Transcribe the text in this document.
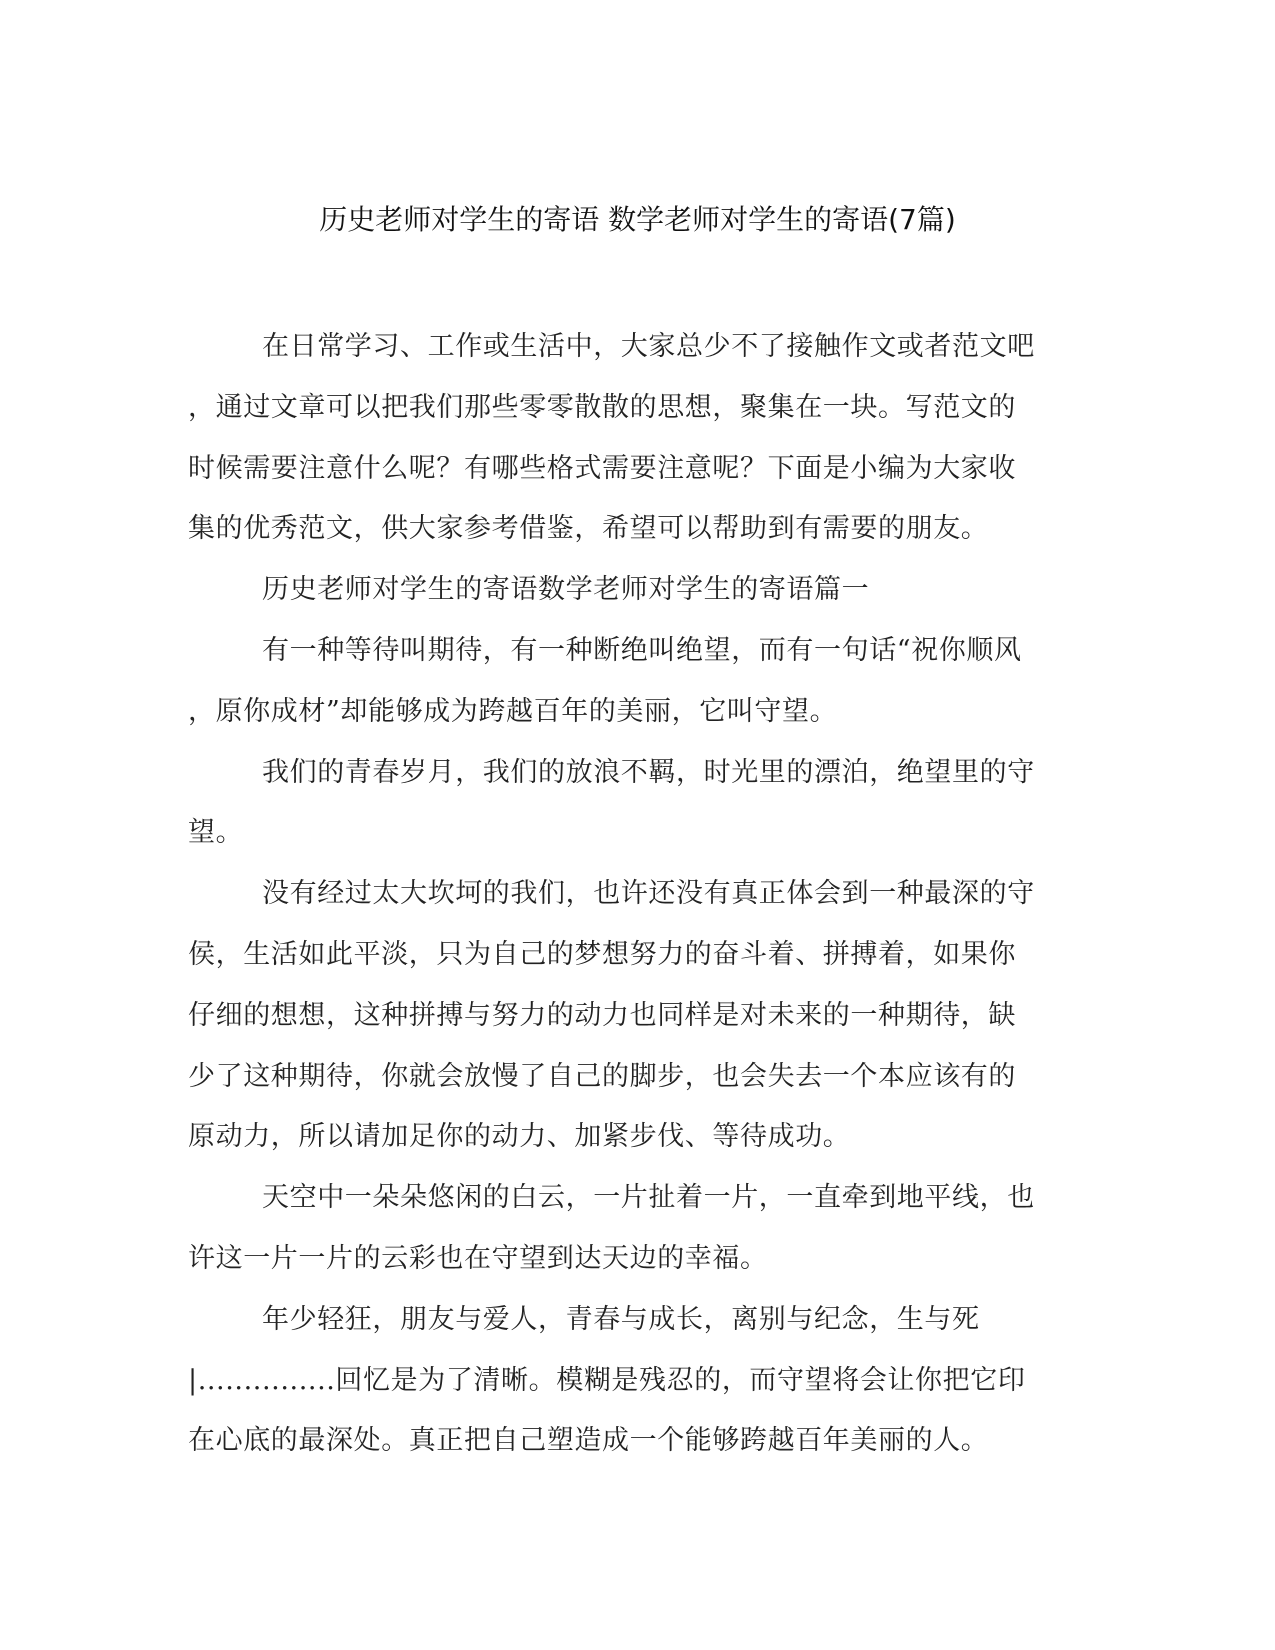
历史老师对学生的寄语 数学老师对学生的寄语(7篇)
在日常学习、工作或生活中，大家总少不了接触作文或者范文吧
，通过文章可以把我们那些零零散散的思想，聚集在一块。写范文的
时候需要注意什么呢？有哪些格式需要注意呢？下面是小编为大家收
集的优秀范文，供大家参考借鉴，希望可以帮助到有需要的朋友。
历史老师对学生的寄语数学老师对学生的寄语篇一
有一种等待叫期待，有一种断绝叫绝望，而有一句话“祝你顺风
，原你成材”却能够成为跨越百年的美丽，它叫守望。
我们的青春岁月，我们的放浪不羁，时光里的漂泊，绝望里的守
望。
没有经过太大坎坷的我们，也许还没有真正体会到一种最深的守
侯，生活如此平淡，只为自己的梦想努力的奋斗着、拼搏着，如果你
仔细的想想，这种拼搏与努力的动力也同样是对未来的一种期待，缺
少了这种期待，你就会放慢了自己的脚步，也会失去一个本应该有的
原动力，所以请加足你的动力、加紧步伐、等待成功。
天空中一朵朵悠闲的白云，一片扯着一片，一直牵到地平线，也
许这一片一片的云彩也在守望到达天边的幸福。
年少轻狂，朋友与爱人，青春与成长，离别与纪念，生与死
|...............回忆是为了清晰。模糊是残忍的，而守望将会让你把它印
在心底的最深处。真正把自己塑造成一个能够跨越百年美丽的人。
